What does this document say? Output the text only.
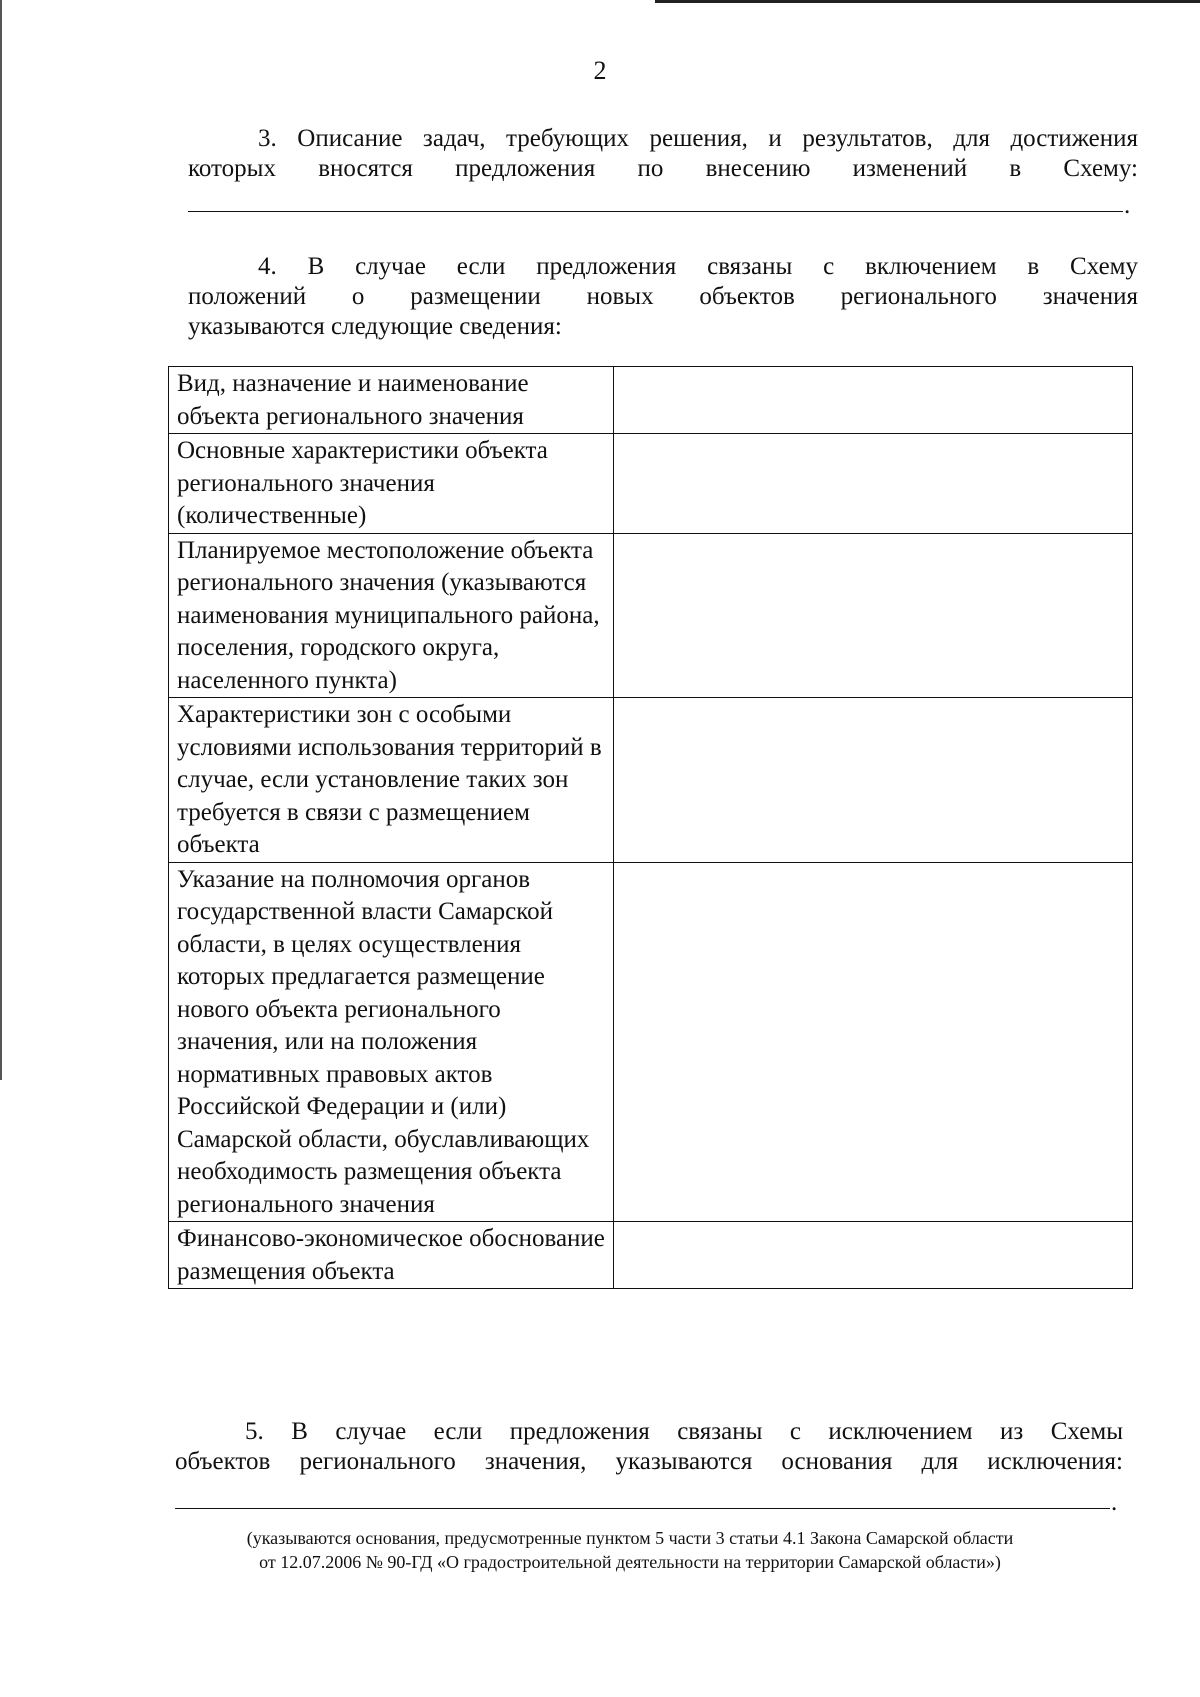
2
3. Описание задач, требующих решения, и результатов, для достижения
которых вносятся предложения по внесению изменений в Схему:
.
4. В случае если предложения связаны с включением в Схему
положений о размещении новых объектов регионального значения
указываются следующие сведения:
Вид, назначение и наименование объекта регионального значения	
Основные характеристики объекта регионального значения (количественные)	
Планируемое местоположение объекта регионального значения (указываются наименования муниципального района, поселения, городского округа, населенного пункта)	
Характеристики зон с особыми условиями использования территорий в случае, если установление таких зон требуется в связи с размещением объекта	
Указание на полномочия органов государственной власти Самарской области, в целях осуществления которых предлагается размещение нового объекта регионального значения, или на положения нормативных правовых актов Российской Федерации и (или) Самарской области, обуславливающих необходимость размещения объекта регионального значения	
Финансово-экономическое обоснование размещения объекта	
5. В случае если предложения связаны с исключением из Схемы
объектов регионального значения, указываются основания для исключения:
.
(указываются основания, предусмотренные пунктом 5 части 3 статьи 4.1 Закона Самарской области
от 12.07.2006 № 90-ГД «О градостроительной деятельности на территории Самарской области»)
